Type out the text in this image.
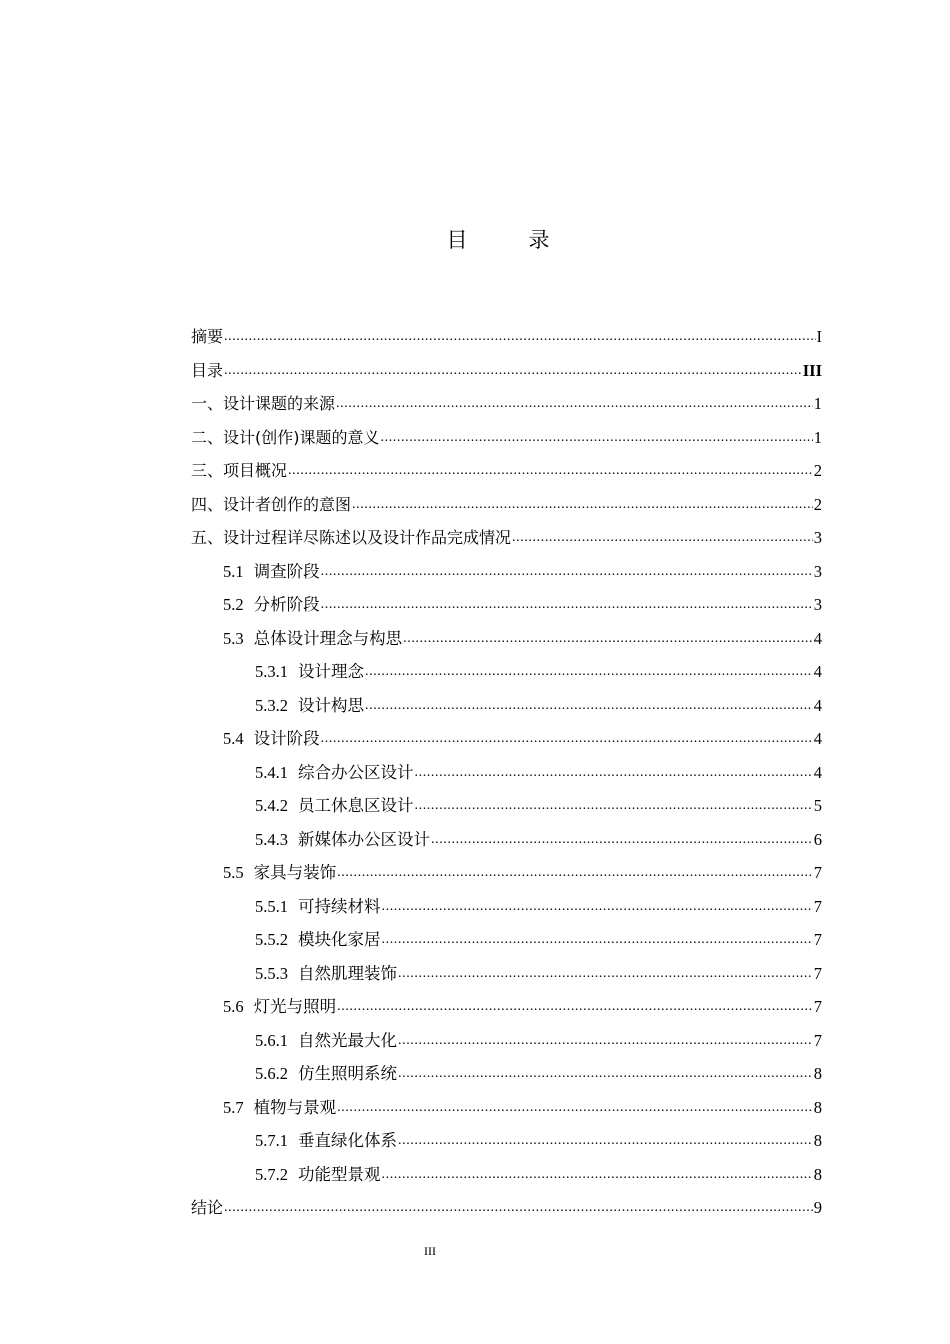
目　录
摘要 .....	I
目录 .....	III
一、设计课题的来源 .....	1
二、设计(创作)课题的意义 .....	1
三、项目概况 .....	2
四、设计者创作的意图 .....	2
五、设计过程详尽陈述以及设计作品完成情况 .....	3
5.1 调查阶段 .....	3
5.2 分析阶段 .....	3
5.3 总体设计理念与构思 .....	4
5.3.1 设计理念 .....	4
5.3.2 设计构思 .....	4
5.4 设计阶段 .....	4
5.4.1 综合办公区设计 .....	4
5.4.2 员工休息区设计 .....	5
5.4.3 新媒体办公区设计 .....	6
5.5 家具与装饰 .....	7
5.5.1 可持续材料 .....	7
5.5.2 模块化家居 .....	7
5.5.3 自然肌理装饰 .....	7
5.6 灯光与照明 .....	7
5.6.1 自然光最大化 .....	7
5.6.2 仿生照明系统 .....	8
5.7 植物与景观 .....	8
5.7.1 垂直绿化体系 .....	8
5.7.2 功能型景观 .....	8
结论 .....	9
III
